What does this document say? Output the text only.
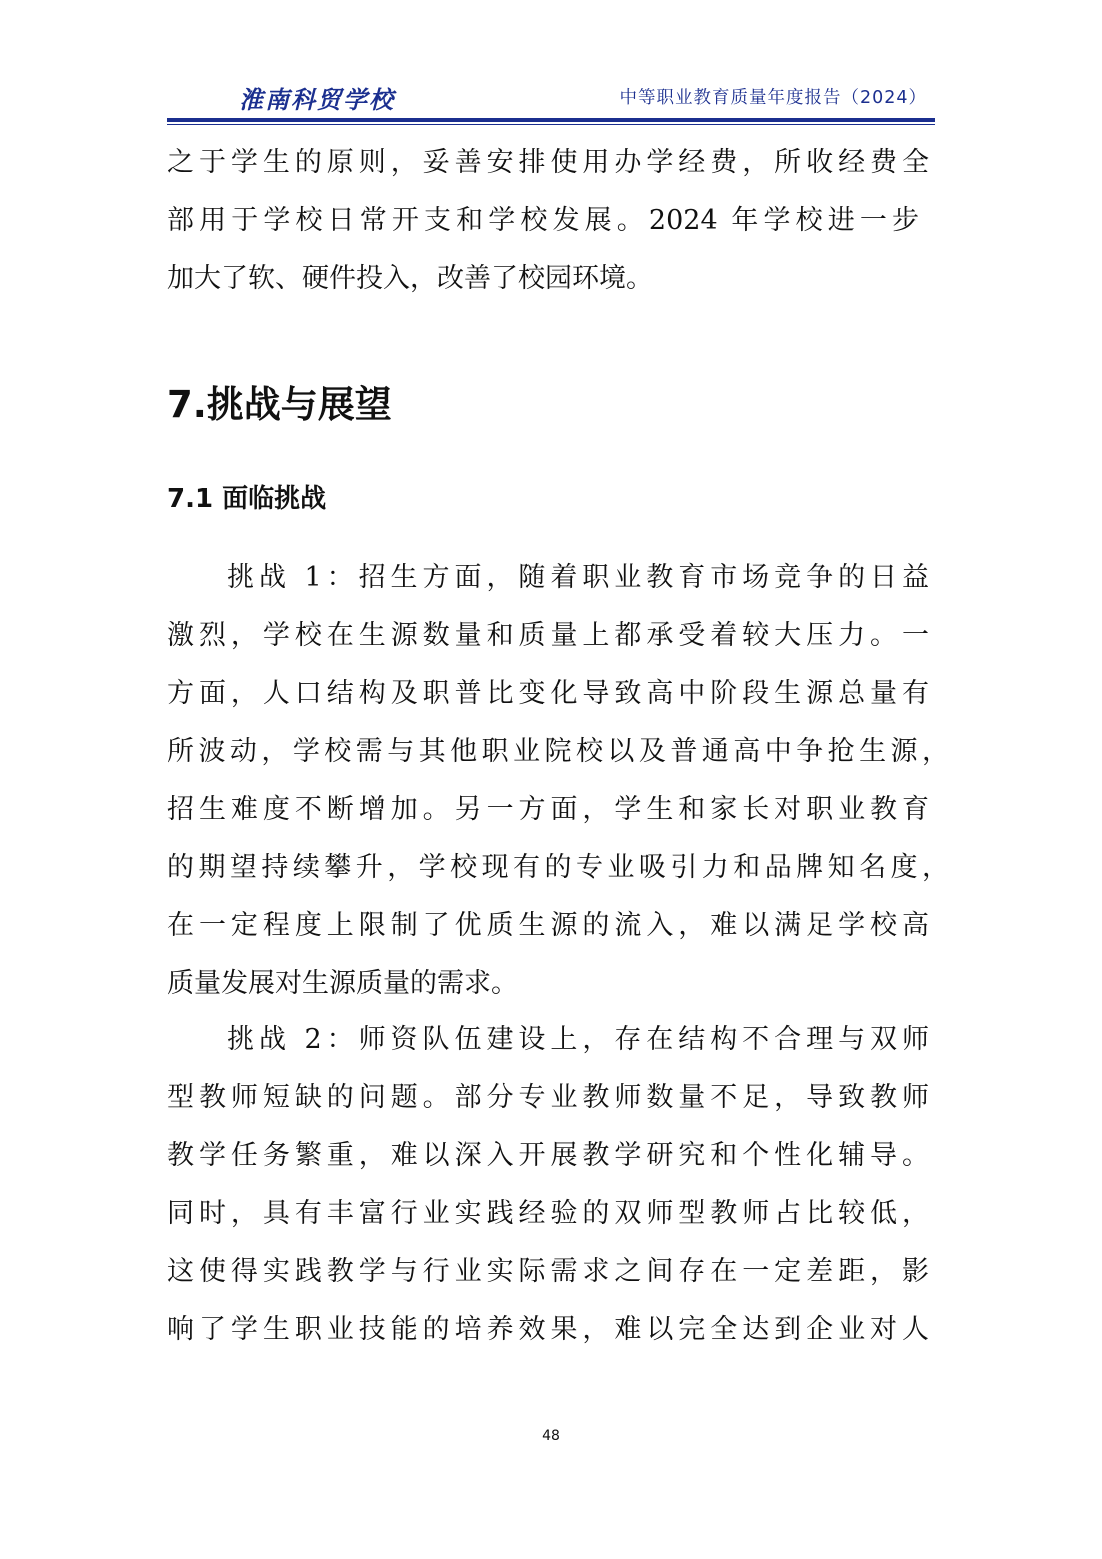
淮南科贸学校	中等职业教育质量年度报告（2024）
之于学生的原则，妥善安排使用办学经费，所收经费全
部用于学校日常开支和学校发展。2024 年学校进一步
加大了软、硬件投入，改善了校园环境。
7.挑战与展望
7.1 面临挑战
挑战 1：招生方面，随着职业教育市场竞争的日益
激烈，学校在生源数量和质量上都承受着较大压力。一
方面，人口结构及职普比变化导致高中阶段生源总量有
所波动，学校需与其他职业院校以及普通高中争抢生源，
招生难度不断增加。另一方面，学生和家长对职业教育
的期望持续攀升，学校现有的专业吸引力和品牌知名度，
在一定程度上限制了优质生源的流入，难以满足学校高
质量发展对生源质量的需求。
挑战 2：师资队伍建设上，存在结构不合理与双师
型教师短缺的问题。部分专业教师数量不足，导致教师
教学任务繁重，难以深入开展教学研究和个性化辅导。
同时，具有丰富行业实践经验的双师型教师占比较低，
这使得实践教学与行业实际需求之间存在一定差距，影
响了学生职业技能的培养效果，难以完全达到企业对人
48
